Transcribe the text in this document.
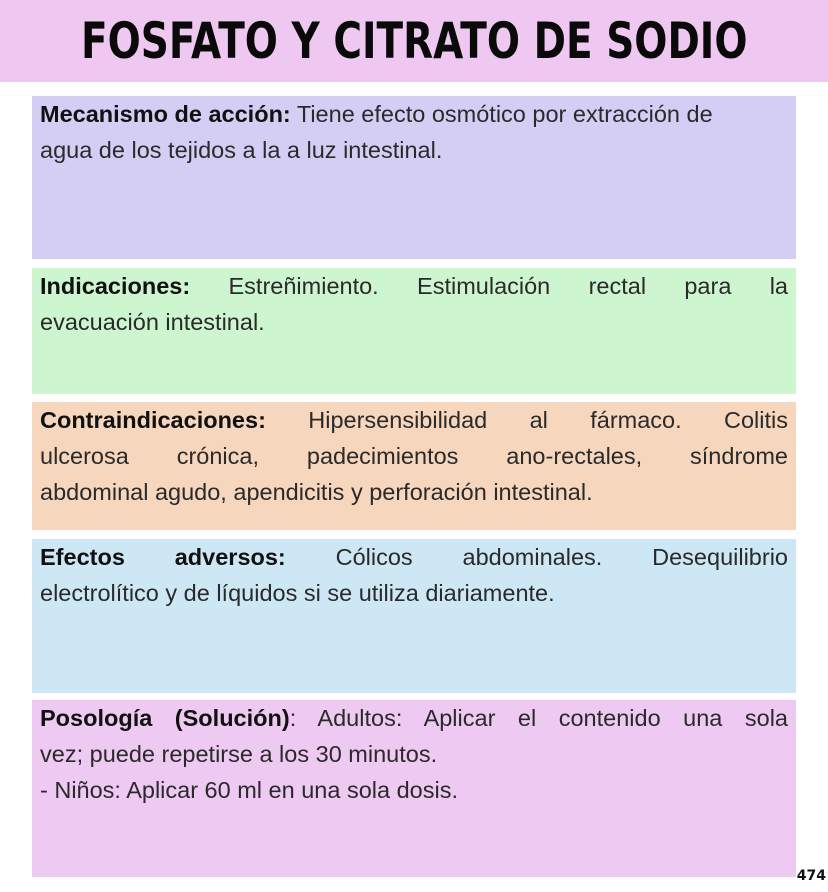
FOSFATO Y CITRATO DE SODIO
Mecanismo de acción: Tiene efecto osmótico por extracción de
agua de los tejidos a la a luz intestinal.
Indicaciones: Estreñimiento. Estimulación rectal para la
evacuación intestinal.
Contraindicaciones: Hipersensibilidad al fármaco. Colitis
ulcerosa crónica, padecimientos ano-rectales, síndrome
abdominal agudo, apendicitis y perforación intestinal.
Efectos adversos: Cólicos abdominales. Desequilibrio
electrolítico y de líquidos si se utiliza diariamente.
Posología (Solución): Adultos: Aplicar el contenido una sola
vez; puede repetirse a los 30 minutos.
- Niños: Aplicar 60 ml en una sola dosis.
474
